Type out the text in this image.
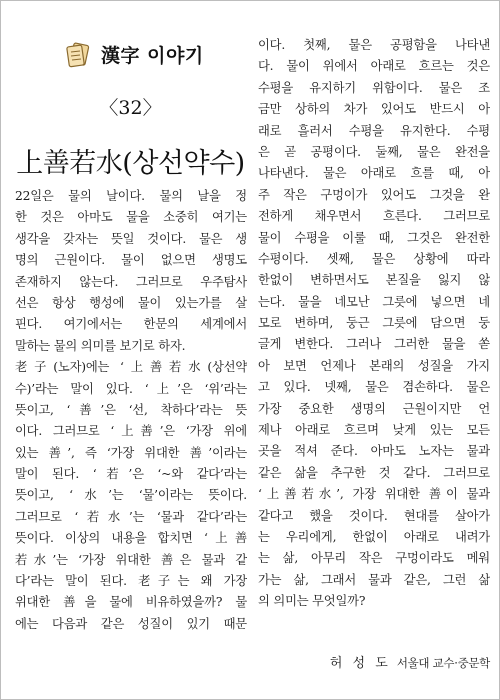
漢字 이야기
〈32〉
上善若水(상선약수)
22일은 물의 날이다. 물의 날을 정
한 것은 아마도 물을 소중히 여기는
생각을 갖자는 뜻일 것이다. 물은 생
명의 근원이다. 물이 없으면 생명도
존재하지 않는다. 그러므로 우주탐사
선은 항상 행성에 물이 있는가를 살
핀다. 여기에서는 한문의 세계에서
말하는 물의 의미를 보기로 하자.
老子(노자)에는 ‘上善若水(상선약
수)’라는 말이 있다. ‘上’은 ‘위’라는
뜻이고, ‘善’은 ‘선, 착하다’라는 뜻
이다. 그러므로 ‘上善’은 ‘가장 위에
있는 善’, 즉 ‘가장 위대한 善’이라는
말이 된다. ‘若’은 ‘~와 같다’라는
뜻이고, ‘水’는 ‘물’이라는 뜻이다.
그러므로 ‘若水’는 ‘물과 같다’라는
뜻이다. 이상의 내용을 합치면 ‘上善
若水’는 ‘가장 위대한 善은 물과 같
다’라는 말이 된다. 老子는 왜 가장
위대한 善을 물에 비유하였을까? 물
에는 다음과 같은 성질이 있기 때문
이다. 첫째, 물은 공평함을 나타낸
다. 물이 위에서 아래로 흐르는 것은
수평을 유지하기 위함이다. 물은 조
금만 상하의 차가 있어도 반드시 아
래로 흘러서 수평을 유지한다. 수평
은 곧 공평이다. 둘째, 물은 완전을
나타낸다. 물은 아래로 흐를 때, 아
주 작은 구멍이가 있어도 그것을 완
전하게 채우면서 흐른다. 그러므로
물이 수평을 이룰 때, 그것은 완전한
수평이다. 셋째, 물은 상황에 따라
한없이 변하면서도 본질을 잃지 않
는다. 물을 네모난 그릇에 넣으면 네
모로 변하며, 둥근 그릇에 담으면 둥
글게 변한다. 그러나 그러한 물을 쏟
아 보면 언제나 본래의 성질을 가지
고 있다. 넷째, 물은 겸손하다. 물은
가장 중요한 생명의 근원이지만 언
제나 아래로 흐르며 낮게 있는 모든
곳을 적셔 준다. 아마도 노자는 물과
같은 삶을 추구한 것 같다. 그러므로
‘上善若水’, 가장 위대한 善이 물과
같다고 했을 것이다. 현대를 살아가
는 우리에게, 한없이 아래로 내려가
는 삶, 아무리 작은 구멍이라도 메워
가는 삶, 그래서 물과 같은, 그런 삶
의 의미는 무엇일까?
허 성 도 서울대 교수·중문학
